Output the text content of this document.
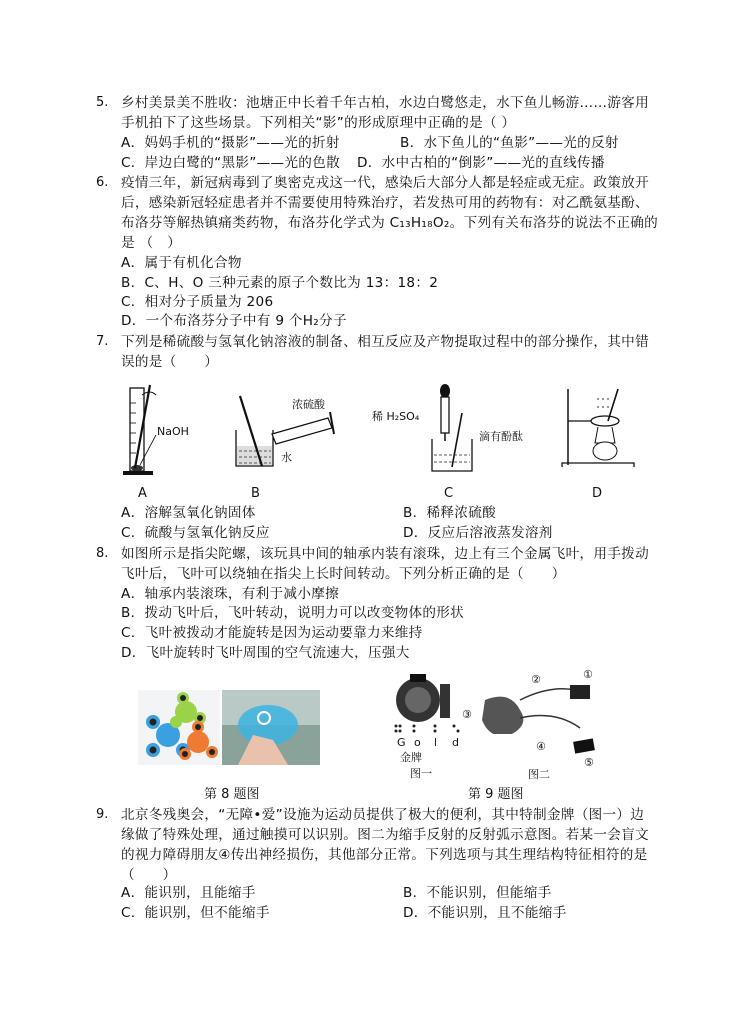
5. 乡村美景美不胜收：池塘正中长着千年古柏，水边白鹭悠走，水下鱼儿畅游……游客用
手机拍下了这些场景。下列相关“影”的形成原理中正确的是（ ）
A．妈妈手机的“摄影”——光的折射	B．水下鱼儿的“鱼影”——光的反射
C．岸边白鹭的“黑影”——光的色散 D．水中古柏的“倒影”——光的直线传播
6. 疫情三年，新冠病毒到了奥密克戎这一代，感染后大部分人都是轻症或无症。政策放开
后，感染新冠轻症患者并不需要使用特殊治疗，若发热可用的药物有：对乙酰氨基酚、
布洛芬等解热镇痛类药物，布洛芬化学式为 C₁₃H₁₈O₂。下列有关布洛芬的说法不正确的
是 （　）
A．属于有机化合物
B．C、H、O 三种元素的原子个数比为 13：18：2
C．相对分子质量为 206
D．一个布洛芬分子中有 9 个H₂分子
7. 下列是稀硫酸与氢氧化钠溶液的制备、相互反应及产物提取过程中的部分操作，其中错
误的是（　　）
NaOH
浓硫酸
水
稀 H₂SO₄
滴有酚酞
A	B	C	D
A．溶解氢氧化钠固体	B．稀释浓硫酸
C．硫酸与氢氧化钠反应	D．反应后溶液蒸发溶剂
8. 如图所示是指尖陀螺，该玩具中间的轴承内装有滚珠，边上有三个金属飞叶，用手拨动
飞叶后，飞叶可以绕轴在指尖上长时间转动。下列分析正确的是（　　）
A．轴承内装滚珠，有利于减小摩擦
B．拨动飞叶后，飞叶转动，说明力可以改变物体的形状
C．飞叶被拨动才能旋转是因为运动要靠力来维持
D．飞叶旋转时飞叶周围的空气流速大，压强大
第 8 题图
G o l d
金牌
图一	图二
①
②
③
④
⑤
第 9 题图
9. 北京冬残奥会，“无障•爱”设施为运动员提供了极大的便利，其中特制金牌（图一）边
缘做了特殊处理，通过触摸可以识别。图二为缩手反射的反射弧示意图。若某一会盲文
的视力障碍朋友④传出神经损伤，其他部分正常。下列选项与其生理结构特征相符的是
（　　）
A．能识别，且能缩手	B．不能识别，但能缩手
C．能识别，但不能缩手	D．不能识别，且不能缩手
